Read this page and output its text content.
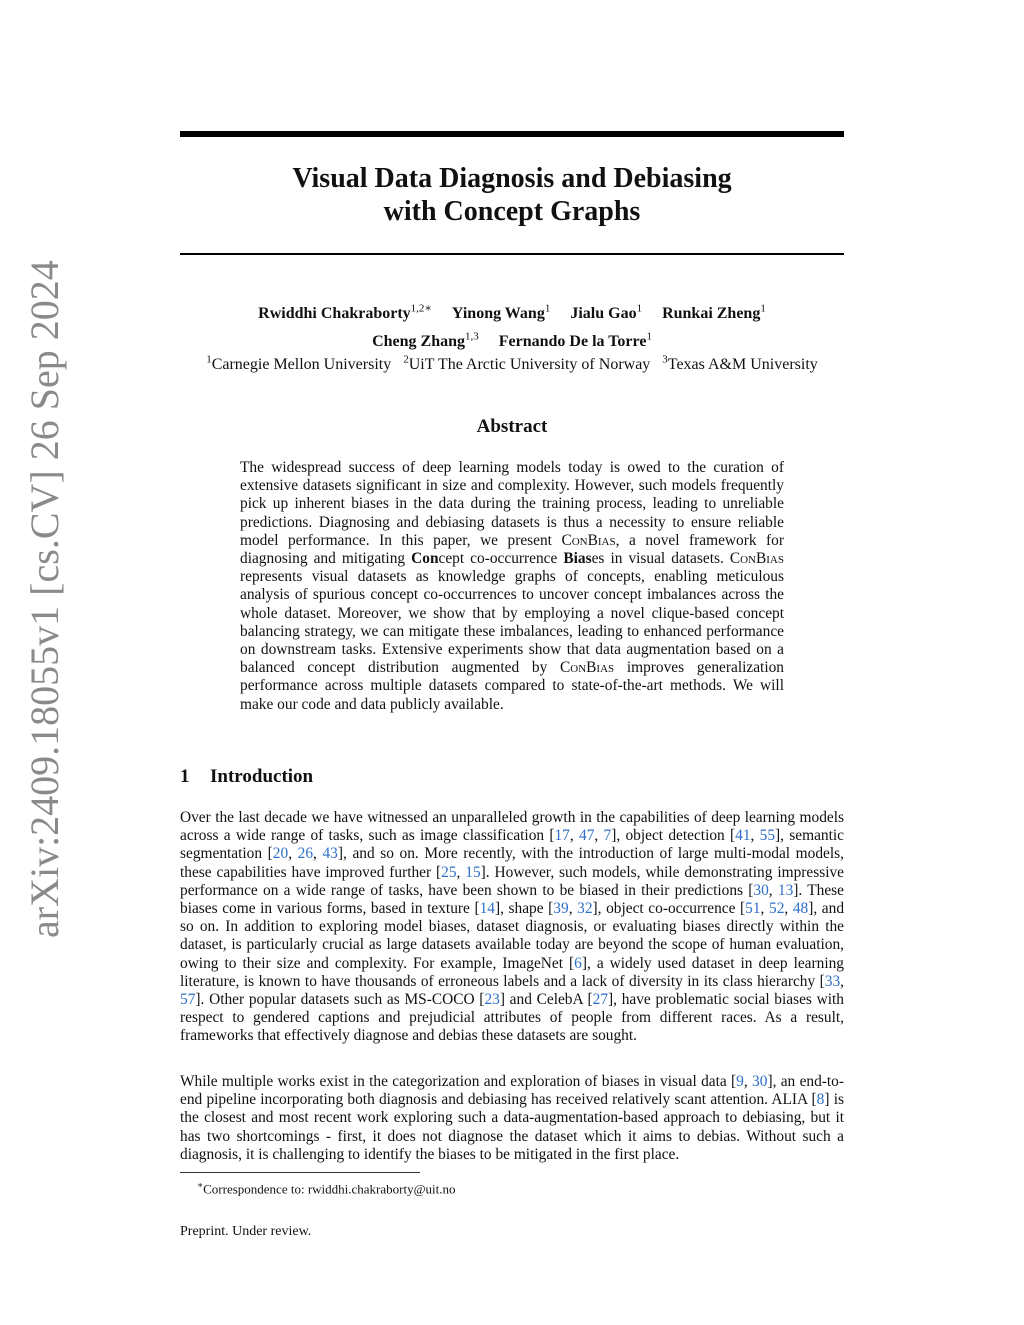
arXiv:2409.18055v1 [cs.CV] 26 Sep 2024
Visual Data Diagnosis and Debiasing
with Concept Graphs
Rwiddhi Chakraborty$^{1,2∗}$ Yinong Wang$^1$ Jialu Gao$^1$ Runkai Zheng$^1$
Cheng Zhang$^{1,3}$ Fernando De la Torre$^1$
$^1$Carnegie Mellon University $^2$UiT The Arctic University of Norway $^3$Texas A&M University
Abstract

The widespread success of deep learning models today is owed to the curation of extensive datasets significant in size and complexity. However, such models frequently pick up inherent biases in the data during the training process, leading to unreliable predictions. Diagnosing and debiasing datasets is thus a necessity to ensure reliable model performance. In this paper, we present ConBias, a novel framework for diagnosing and mitigating Concept co-occurrence Biases in visual datasets. ConBias represents visual datasets as knowledge graphs of concepts, enabling meticulous analysis of spurious concept co-occurrences to uncover concept imbalances across the whole dataset. Moreover, we show that by employing a novel clique-based concept balancing strategy, we can mitigate these imbalances, leading to enhanced performance on downstream tasks. Extensive experiments show that data augmentation based on a balanced concept distribution augmented by ConBias improves generalization performance across multiple datasets compared to state-of-the-art methods. We will make our code and data publicly available.

1 Introduction

Over the last decade we have witnessed an unparalleled growth in the capabilities of deep learning models across a wide range of tasks, such as image classification [17, 47, 7], object detection [41, 55], semantic segmentation [20, 26, 43], and so on. More recently, with the introduction of large multi-modal models, these capabilities have improved further [25, 15]. However, such models, while demonstrating impressive performance on a wide range of tasks, have been shown to be biased in their predictions [30, 13]. These biases come in various forms, based in texture [14], shape [39, 32], object co-occurrence [51, 52, 48], and so on. In addition to exploring model biases, dataset diagnosis, or evaluating biases directly within the dataset, is particularly crucial as large datasets available today are beyond the scope of human evaluation, owing to their size and complexity. For example, ImageNet [6], a widely used dataset in deep learning literature, is known to have thousands of erroneous labels and a lack of diversity in its class hierarchy [33, 57]. Other popular datasets such as MS-COCO [23] and CelebA [27], have problematic social biases with respect to gendered captions and prejudicial attributes of people from different races. As a result, frameworks that effectively diagnose and debias these datasets are sought.

While multiple works exist in the categorization and exploration of biases in visual data [9, 30], an end-to-end pipeline incorporating both diagnosis and debiasing has received relatively scant attention. ALIA [8] is the closest and most recent work exploring such a data-augmentation-based approach to debiasing, but it has two shortcomings - first, it does not diagnose the dataset which it aims to debias. Without such a diagnosis, it is challenging to identify the biases to be mitigated in the first place.

∗Correspondence to: rwiddhi.chakraborty@uit.no
Preprint. Under review.
